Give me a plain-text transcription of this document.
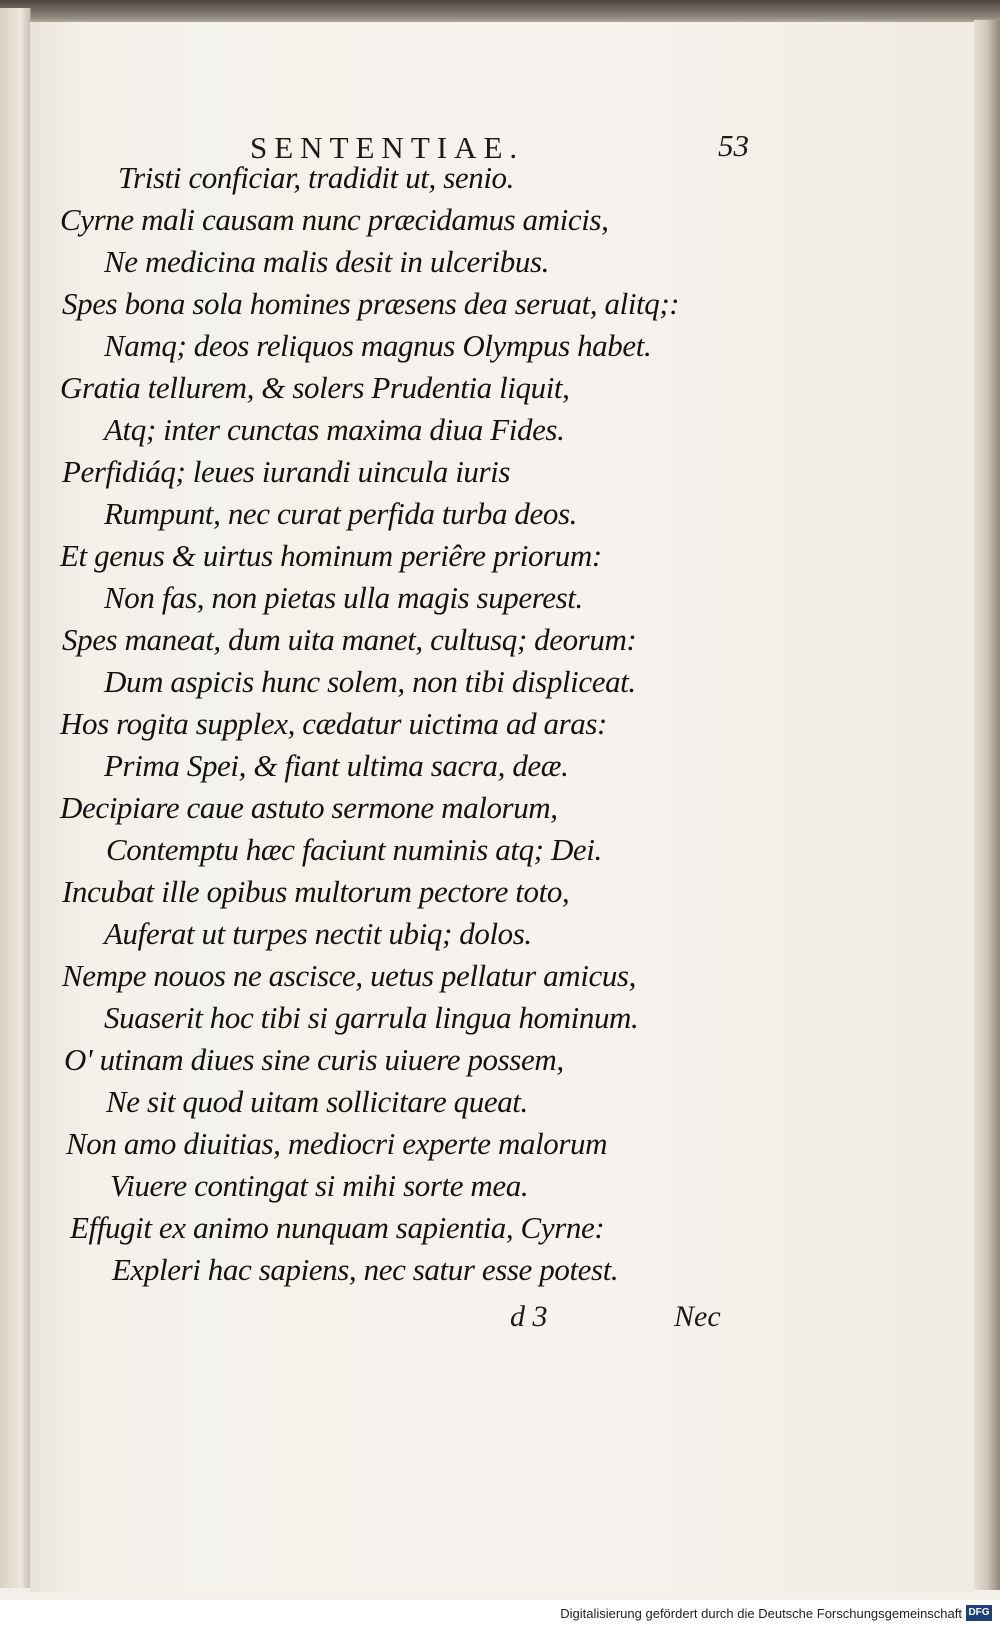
SENTENTIAE.	53
Tristi conficiar, tradidit ut, senio.
Cyrne mali causam nunc præcidamus amicis,
Ne medicina malis desit in ulceribus.
Spes bona sola homines præsens dea seruat, alitq;:
Namq; deos reliquos magnus Olympus habet.
Gratia tellurem, & solers Prudentia liquit,
Atq; inter cunctas maxima diua Fides.
Perfidiáq; leues iurandi uincula iuris
Rumpunt, nec curat perfida turba deos.
Et genus & uirtus hominum periêre priorum:
Non fas, non pietas ulla magis superest.
Spes maneat, dum uita manet, cultusq; deorum:
Dum aspicis hunc solem, non tibi displiceat.
Hos rogita supplex, cædatur uictima ad aras:
Prima Spei, & fiant ultima sacra, deæ.
Decipiare caue astuto sermone malorum,
Contemptu hæc faciunt numinis atq; Dei.
Incubat ille opibus multorum pectore toto,
Auferat ut turpes nectit ubiq; dolos.
Nempe nouos ne ascisce, uetus pellatur amicus,
Suaserit hoc tibi si garrula lingua hominum.
O' utinam diues sine curis uiuere possem,
Ne sit quod uitam sollicitare queat.
Non amo diuitias, mediocri experte malorum
Viuere contingat si mihi sorte mea.
Effugit ex animo nunquam sapientia, Cyrne:
Expleri hac sapiens, nec satur esse potest.
d 3	Nec
Digitalisierung gefördert durch die Deutsche Forschungsgemeinschaft DFG
